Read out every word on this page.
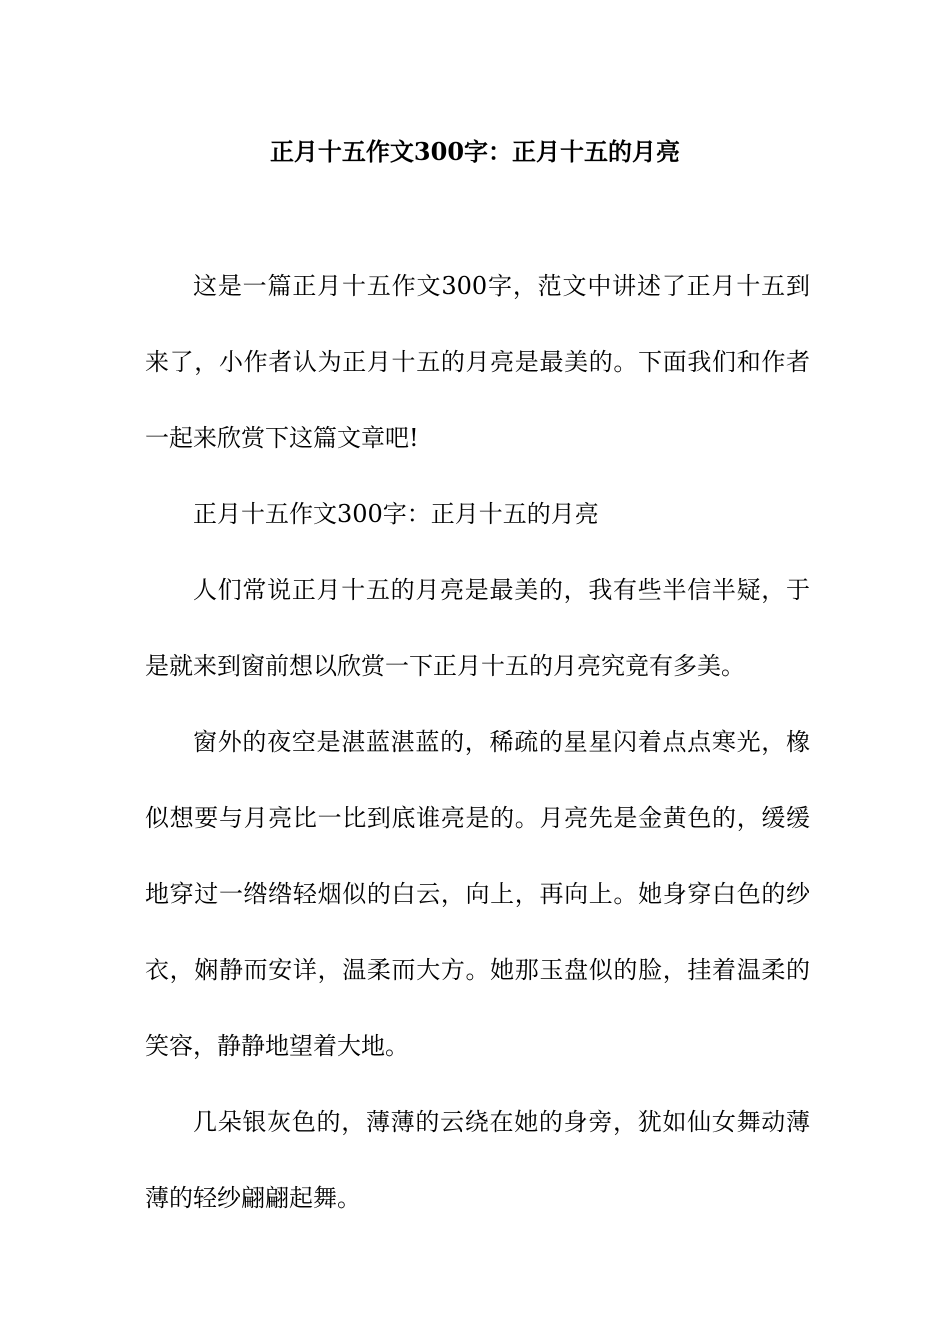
正月十五作文300字：正月十五的月亮

这是一篇正月十五作文300字，范文中讲述了正月十五到来了，小作者认为正月十五的月亮是最美的。下面我们和作者一起来欣赏下这篇文章吧!

正月十五作文300字：正月十五的月亮

人们常说正月十五的月亮是最美的，我有些半信半疑，于是就来到窗前想以欣赏一下正月十五的月亮究竟有多美。

窗外的夜空是湛蓝湛蓝的，稀疏的星星闪着点点寒光，橡似想要与月亮比一比到底谁亮是的。月亮先是金黄色的，缓缓地穿过一绺绺轻烟似的白云，向上，再向上。她身穿白色的纱衣，娴静而安详，温柔而大方。她那玉盘似的脸，挂着温柔的笑容，静静地望着大地。

几朵银灰色的，薄薄的云绕在她的身旁，犹如仙女舞动薄薄的轻纱翩翩起舞。
